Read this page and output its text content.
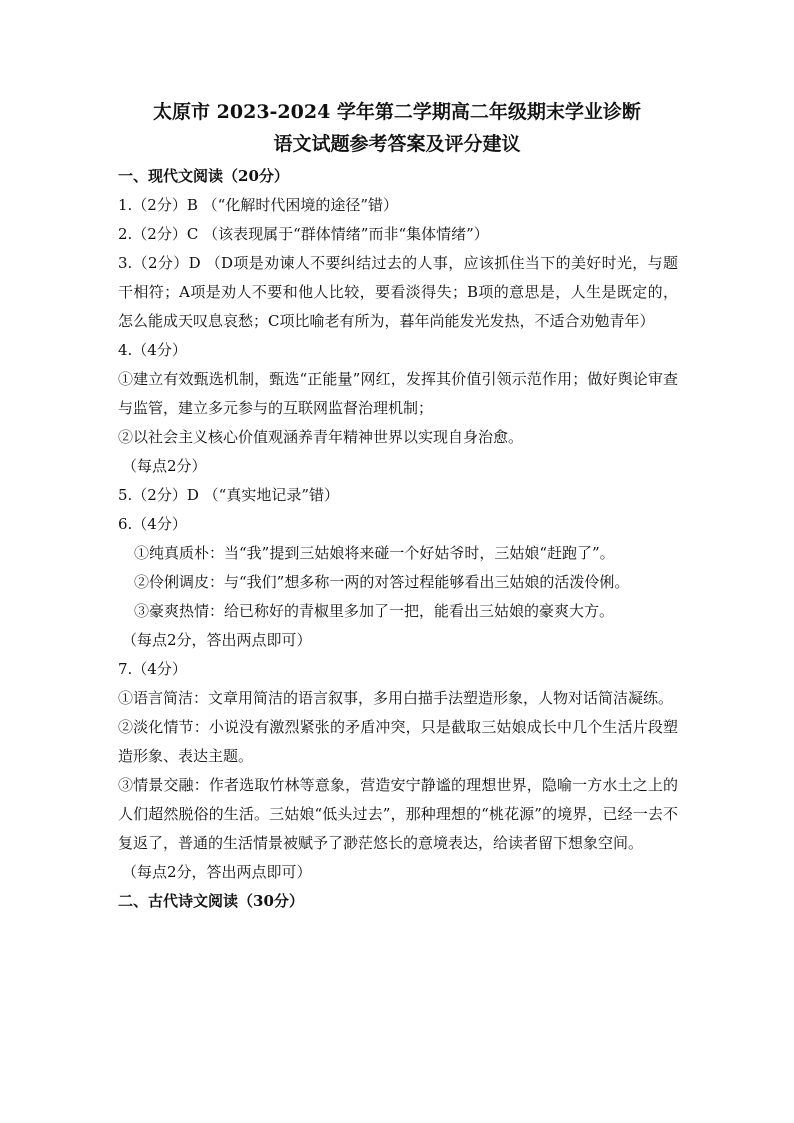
太原市 2023-2024 学年第二学期高二年级期末学业诊断
语文试题参考答案及评分建议

一、现代文阅读（20分）

1.（2分）B （“化解时代困境的途径”错）

2.（2分）C （该表现属于“群体情绪”而非“集体情绪”）

3.（2分）D （D项是劝谏人不要纠结过去的人事，应该抓住当下的美好时光，与题干相符；A项是劝人不要和他人比较，要看淡得失；B项的意思是，人生是既定的，怎么能成天叹息哀愁；C项比喻老有所为，暮年尚能发光发热，不适合劝勉青年）

4.（4分）

①建立有效甄选机制，甄选“正能量”网红，发挥其价值引领示范作用；做好舆论审查与监管，建立多元参与的互联网监督治理机制；

②以社会主义核心价值观涵养青年精神世界以实现自身治愈。

（每点2分）

5.（2分）D （“真实地记录”错）

6.（4分）

①纯真质朴：当“我”提到三姑娘将来碰一个好姑爷时，三姑娘“赶跑了”。

②伶俐调皮：与“我们”想多称一两的对答过程能够看出三姑娘的活泼伶俐。

③豪爽热情：给已称好的青椒里多加了一把，能看出三姑娘的豪爽大方。

（每点2分，答出两点即可）

7.（4分）

①语言简洁：文章用简洁的语言叙事，多用白描手法塑造形象，人物对话简洁凝练。

②淡化情节：小说没有激烈紧张的矛盾冲突，只是截取三姑娘成长中几个生活片段塑造形象、表达主题。

③情景交融：作者选取竹林等意象，营造安宁静谧的理想世界，隐喻一方水土之上的人们超然脱俗的生活。三姑娘“低头过去”，那种理想的“桃花源”的境界，已经一去不复返了，普通的生活情景被赋予了渺茫悠长的意境表达，给读者留下想象空间。

（每点2分，答出两点即可）

二、古代诗文阅读（30分）
